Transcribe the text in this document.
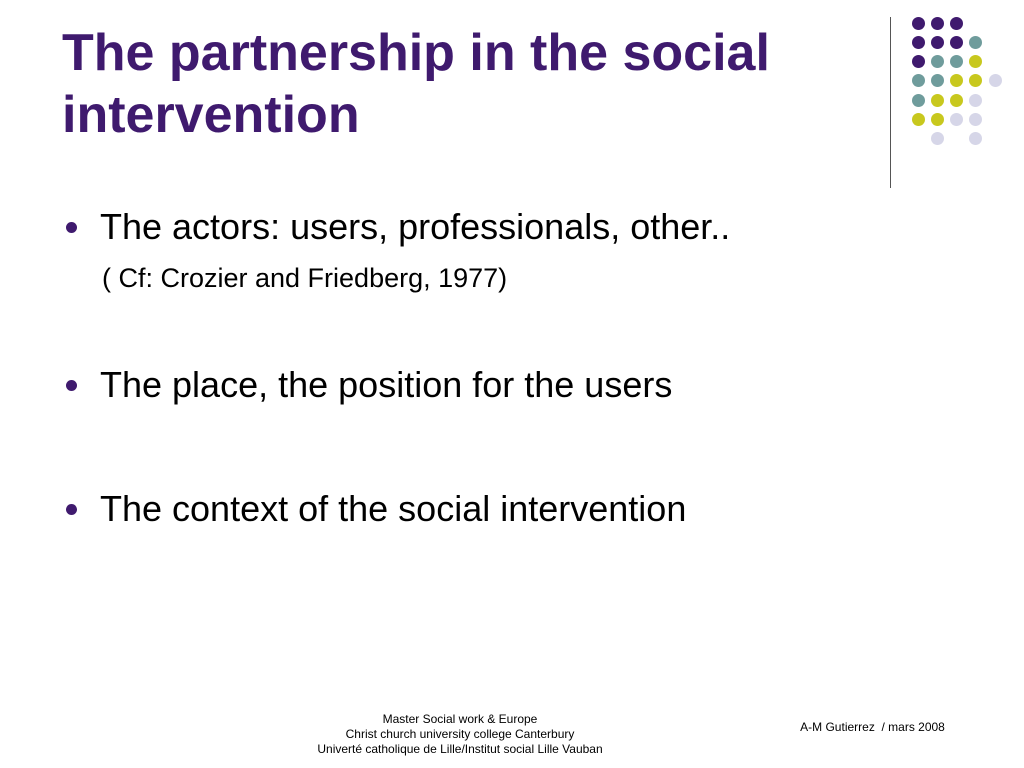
The partnership in the social
intervention
The actors: users, professionals, other..
( Cf: Crozier and Friedberg, 1977)
The place, the position for the users
The context of the social intervention
Master Social work & Europe
Christ church university college Canterbury
Univerté catholique de Lille/Institut social Lille Vauban
A-M Gutierrez  / mars 2008
